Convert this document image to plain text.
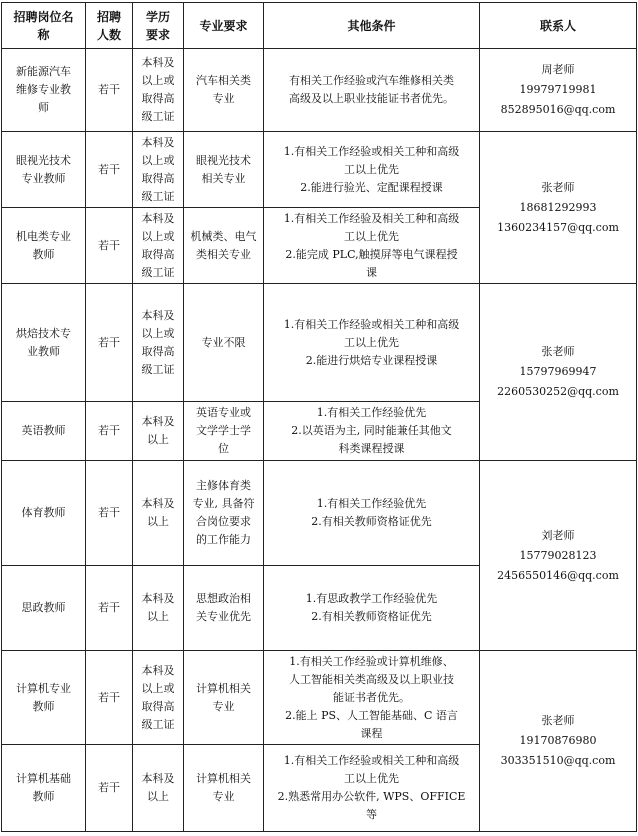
招聘岗位名
称	招聘
人数	学历
要求	专业要求	其他条件	联系人

新能源汽车
维修专业教
师	若干	本科及
以上或
取得高
级工证	汽车相关类
专业	有相关工作经验或汽车维修相关类
高级及以上职业技能证书者优先。	周老师
19979719981
852895016@qq.com

眼视光技术
专业教师	若干	本科及
以上或
取得高
级工证	眼视光技术
相关专业	1.有相关工作经验或相关工种和高级
工以上优先
2.能进行验光、定配课程授课	张老师
18681292993
1360234157@qq.com

机电类专业
教师	若干	本科及
以上或
取得高
级工证	机械类、电气
类相关专业	1.有相关工作经验及相关工种和高级
工以上优先
2.能完成 PLC,触摸屏等电气课程授
课	

烘焙技术专
业教师	若干	本科及
以上或
取得高
级工证	专业不限	1.有相关工作经验或相关工种和高级
工以上优先
2.能进行烘焙专业课程授课	张老师
15797969947
2260530252@qq.com

英语教师	若干	本科及
以上	英语专业或
文学学士学
位	1.有相关工作经验优先
2.以英语为主, 同时能兼任其他文
科类课程授课	

体育教师	若干	本科及
以上	主修体育类
专业, 具备符
合岗位要求
的工作能力	1.有相关工作经验优先
2.有相关教师资格证优先	刘老师
15779028123
2456550146@qq.com

思政教师	若干	本科及
以上	思想政治相
关专业优先	1.有思政教学工作经验优先
2.有相关教师资格证优先	

计算机专业
教师	若干	本科及
以上或
取得高
级工证	计算机相关
专业	1.有相关工作经验或计算机维修、
人工智能相关类高级及以上职业技
能证书者优先。
2.能上 PS、人工智能基础、C 语言
课程	张老师
19170876980
303351510@qq.com

计算机基础
教师	若干	本科及
以上	计算机相关
专业	1.有相关工作经验或相关工种和高级
工以上优先
2.熟悉常用办公软件, WPS、OFFICE
等	
